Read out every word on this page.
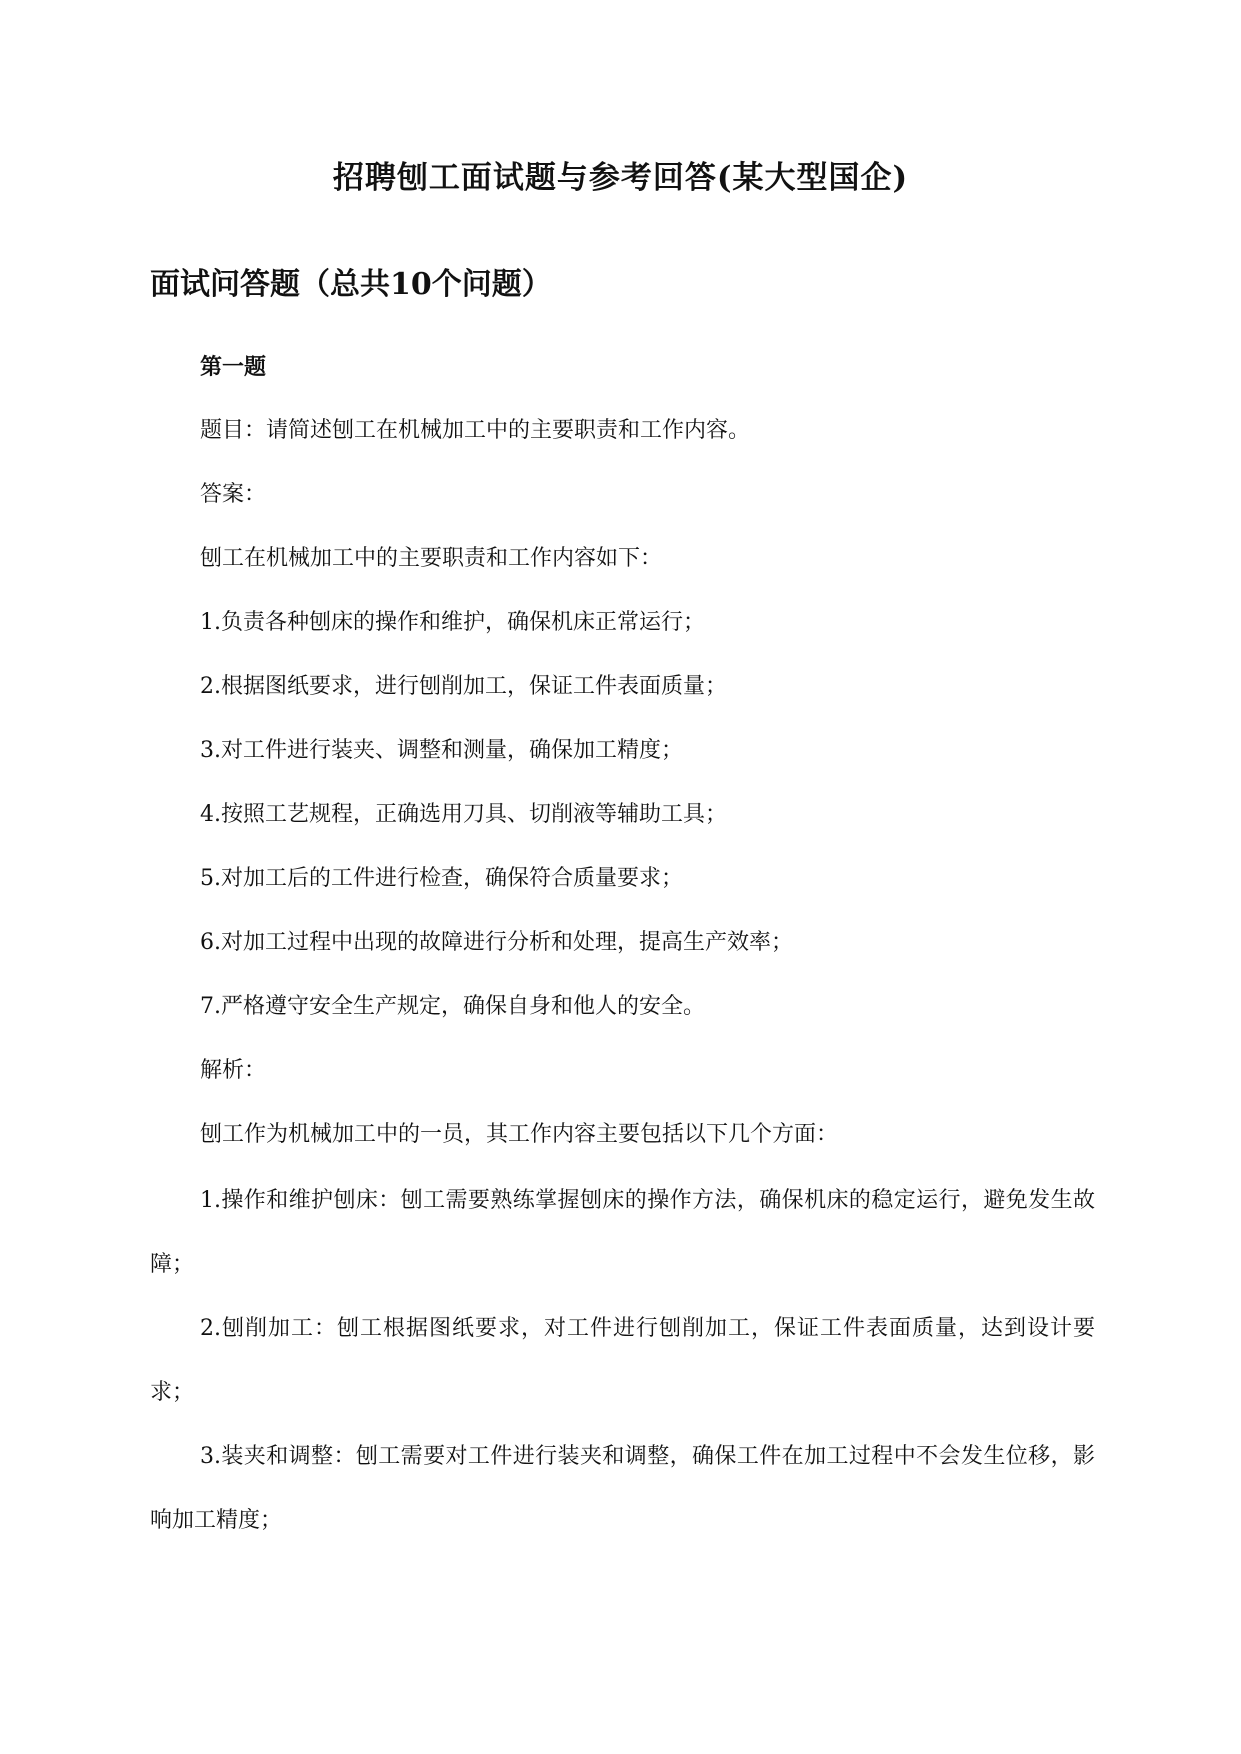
招聘刨工面试题与参考回答(某大型国企)
面试问答题（总共10个问题）
第一题
题目：请简述刨工在机械加工中的主要职责和工作内容。
答案：
刨工在机械加工中的主要职责和工作内容如下：
1.负责各种刨床的操作和维护，确保机床正常运行；
2.根据图纸要求，进行刨削加工，保证工件表面质量；
3.对工件进行装夹、调整和测量，确保加工精度；
4.按照工艺规程，正确选用刀具、切削液等辅助工具；
5.对加工后的工件进行检查，确保符合质量要求；
6.对加工过程中出现的故障进行分析和处理，提高生产效率；
7.严格遵守安全生产规定，确保自身和他人的安全。
解析：
刨工作为机械加工中的一员，其工作内容主要包括以下几个方面：
1.操作和维护刨床：刨工需要熟练掌握刨床的操作方法，确保机床的稳定运行，避免发生故障；
2.刨削加工：刨工根据图纸要求，对工件进行刨削加工，保证工件表面质量，达到设计要求；
3.装夹和调整：刨工需要对工件进行装夹和调整，确保工件在加工过程中不会发生位移，影响加工精度；
